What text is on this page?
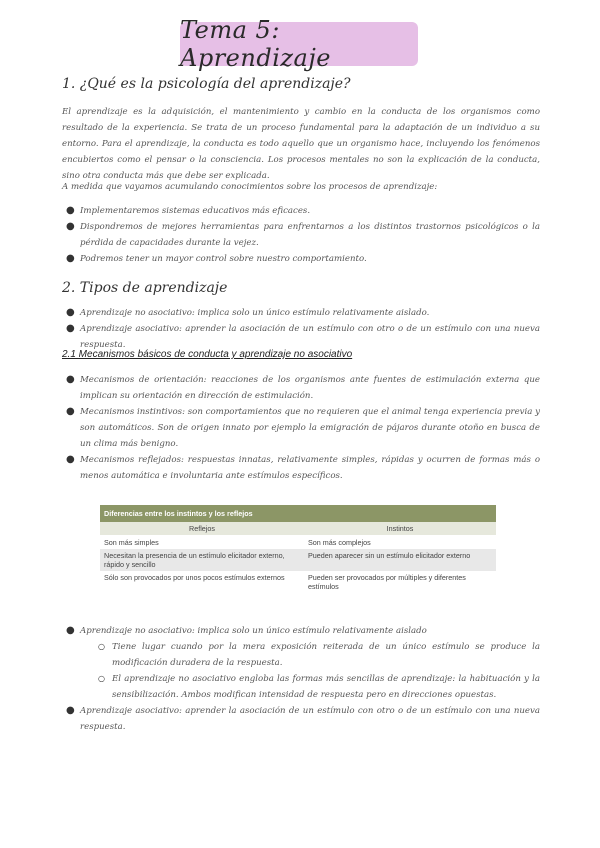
Tema 5: Aprendizaje
1. ¿Qué es la psicología del aprendizaje?
El aprendizaje es la adquisición, el mantenimiento y cambio en la conducta de los organismos como resultado de la experiencia. Se trata de un proceso fundamental para la adaptación de un individuo a su entorno. Para el aprendizaje, la conducta es todo aquello que un organismo hace, incluyendo los fenómenos encubiertos como el pensar o la consciencia. Los procesos mentales no son la explicación de la conducta, sino otra conducta más que debe ser explicada.
A medida que vayamos acumulando conocimientos sobre los procesos de aprendizaje:
● Implementaremos sistemas educativos más eficaces.
● Dispondremos de mejores herramientas para enfrentarnos a los distintos trastornos psicológicos o la pérdida de capacidades durante la vejez.
● Podremos tener un mayor control sobre nuestro comportamiento.
2. Tipos de aprendizaje
● Aprendizaje no asociativo: implica solo un único estímulo relativamente aislado.
● Aprendizaje asociativo: aprender la asociación de un estímulo con otro o de un estímulo con una nueva respuesta.
2.1 Mecanismos básicos de conducta y aprendizaje no asociativo
● Mecanismos de orientación: reacciones de los organismos ante fuentes de estimulación externa que implican su orientación en dirección de estimulación.
● Mecanismos instintivos: son comportamientos que no requieren que el animal tenga experiencia previa y son automáticos. Son de origen innato por ejemplo la emigración de pájaros durante otoño en busca de un clima más benigno.
● Mecanismos reflejados: respuestas innatas, relativamente simples, rápidas y ocurren de formas más o menos automática e involuntaria ante estímulos específicos.
Diferencias entre los instintos y los reflejos	
Reflejos	Instintos
Son más simples	Son más complejos
Necesitan la presencia de un estímulo elicitador externo, rápido y sencillo	Pueden aparecer sin un estímulo elicitador externo
Sólo son provocados por unos pocos estímulos externos	Pueden ser provocados por múltiples y diferentes estímulos
● Aprendizaje no asociativo: implica solo un único estímulo relativamente aislado
○ Tiene lugar cuando por la mera exposición reiterada de un único estímulo se produce la modificación duradera de la respuesta.
○ El aprendizaje no asociativo engloba las formas más sencillas de aprendizaje: la habituación y la sensibilización. Ambos modifican intensidad de respuesta pero en direcciones opuestas.
● Aprendizaje asociativo: aprender la asociación de un estímulo con otro o de un estímulo con una nueva respuesta.
